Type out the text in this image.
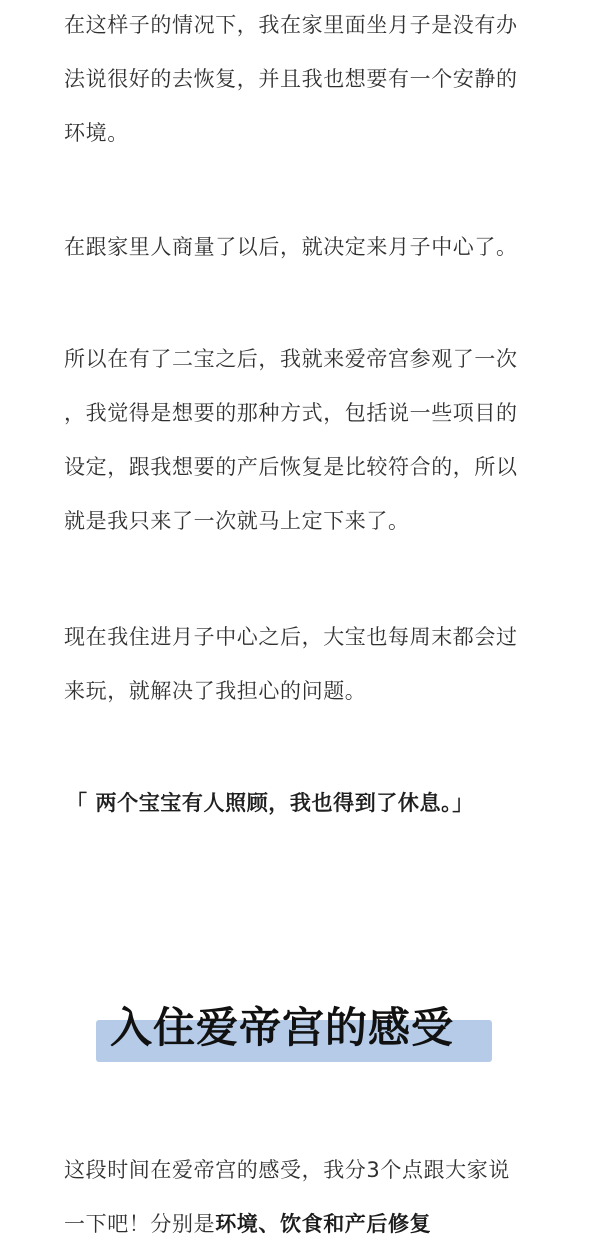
在这样子的情况下，我在家里面坐月子是没有办
法说很好的去恢复，并且我也想要有一个安静的
环境。
在跟家里人商量了以后，就决定来月子中心了。
所以在有了二宝之后，我就来爱帝宫参观了一次
，我觉得是想要的那种方式，包括说一些项目的
设定，跟我想要的产后恢复是比较符合的，所以
就是我只来了一次就马上定下来了。
现在我住进月子中心之后，大宝也每周末都会过
来玩，就解决了我担心的问题。
「 两个宝宝有人照顾，我也得到了休息。」
入住爱帝宫的感受
这段时间在爱帝宫的感受，我分3个点跟大家说
一下吧！分别是环境、饮食和产后修复
